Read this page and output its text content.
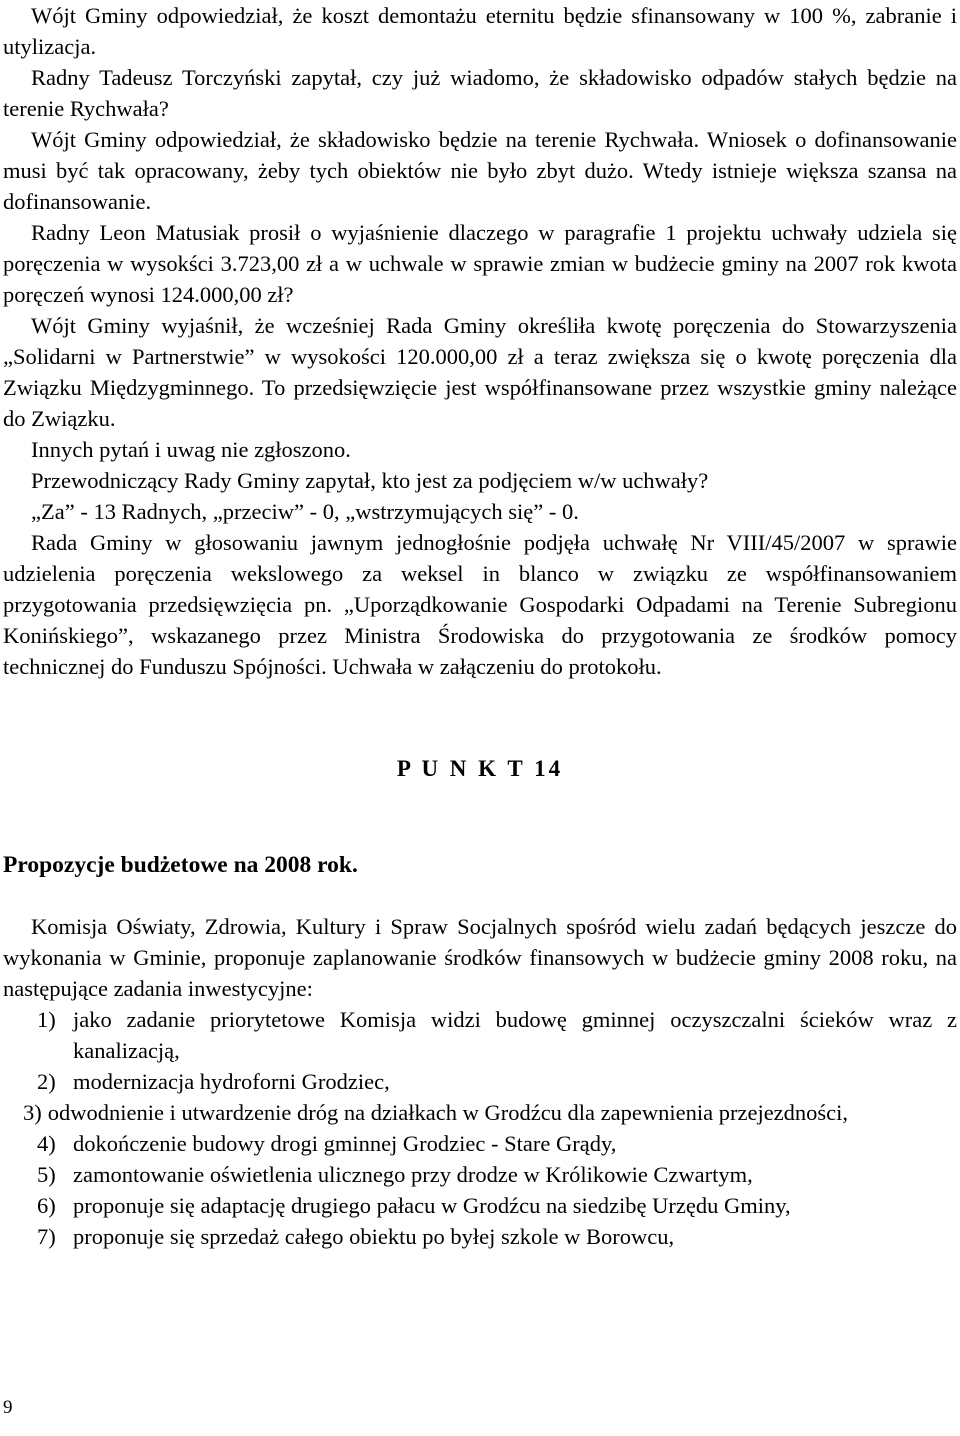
Wójt Gminy odpowiedział, że koszt demontażu eternitu będzie sfinansowany w 100 %, zabranie i utylizacja.

Radny Tadeusz Torczyński zapytał, czy już wiadomo, że składowisko odpadów stałych będzie na terenie Rychwała?

Wójt Gminy odpowiedział, że składowisko będzie na terenie Rychwała. Wniosek o dofinansowanie musi być tak opracowany, żeby tych obiektów nie było zbyt dużo. Wtedy istnieje większa szansa na dofinansowanie.

Radny Leon Matusiak prosił o wyjaśnienie dlaczego w paragrafie 1 projektu uchwały udziela się poręczenia w wysokści 3.723,00 zł a w uchwale w sprawie zmian w budżecie gminy na 2007 rok kwota poręczeń wynosi 124.000,00 zł?

Wójt Gminy wyjaśnił, że wcześniej Rada Gminy określiła kwotę poręczenia do Stowarzyszenia „Solidarni w Partnerstwie” w wysokości 120.000,00 zł a teraz zwiększa się o kwotę poręczenia dla Związku Międzygminnego. To przedsięwzięcie jest współfinansowane przez wszystkie gminy należące do Związku.

Innych pytań i uwag nie zgłoszono.

Przewodniczący Rady Gminy zapytał, kto jest za podjęciem w/w uchwały?

„Za” - 13 Radnych, „przeciw” - 0, „wstrzymujących się” - 0.

Rada Gminy w głosowaniu jawnym jednogłośnie podjęła uchwałę Nr VIII/45/2007 w sprawie udzielenia poręczenia wekslowego za weksel in blanco w związku ze współfinansowaniem przygotowania przedsięwzięcia pn. „Uporządkowanie Gospodarki Odpadami na Terenie Subregionu Konińskiego”, wskazanego przez Ministra Środowiska do przygotowania ze środków pomocy technicznej do Funduszu Spójności. Uchwała w załączeniu do protokołu.

P U N K T 14

Propozycje budżetowe na 2008 rok.

Komisja Oświaty, Zdrowia, Kultury i Spraw Socjalnych spośród wielu zadań będących jeszcze do wykonania w Gminie, proponuje zaplanowanie środków finansowych w budżecie gminy 2008 roku, na następujące zadania inwestycyjne:

1) jako zadanie priorytetowe Komisja widzi budowę gminnej oczyszczalni ścieków wraz z kanalizacją,
2) modernizacja hydroforni Grodziec,
3) odwodnienie i utwardzenie dróg na działkach w Grodźcu dla zapewnienia przejezdności,
4) dokończenie budowy drogi gminnej Grodziec - Stare Grądy,
5) zamontowanie oświetlenia ulicznego przy drodze w Królikowie Czwartym,
6) proponuje się adaptację drugiego pałacu w Grodźcu na siedzibę Urzędu Gminy,
7) proponuje się sprzedaż całego obiektu po byłej szkole w Borowcu,
9
